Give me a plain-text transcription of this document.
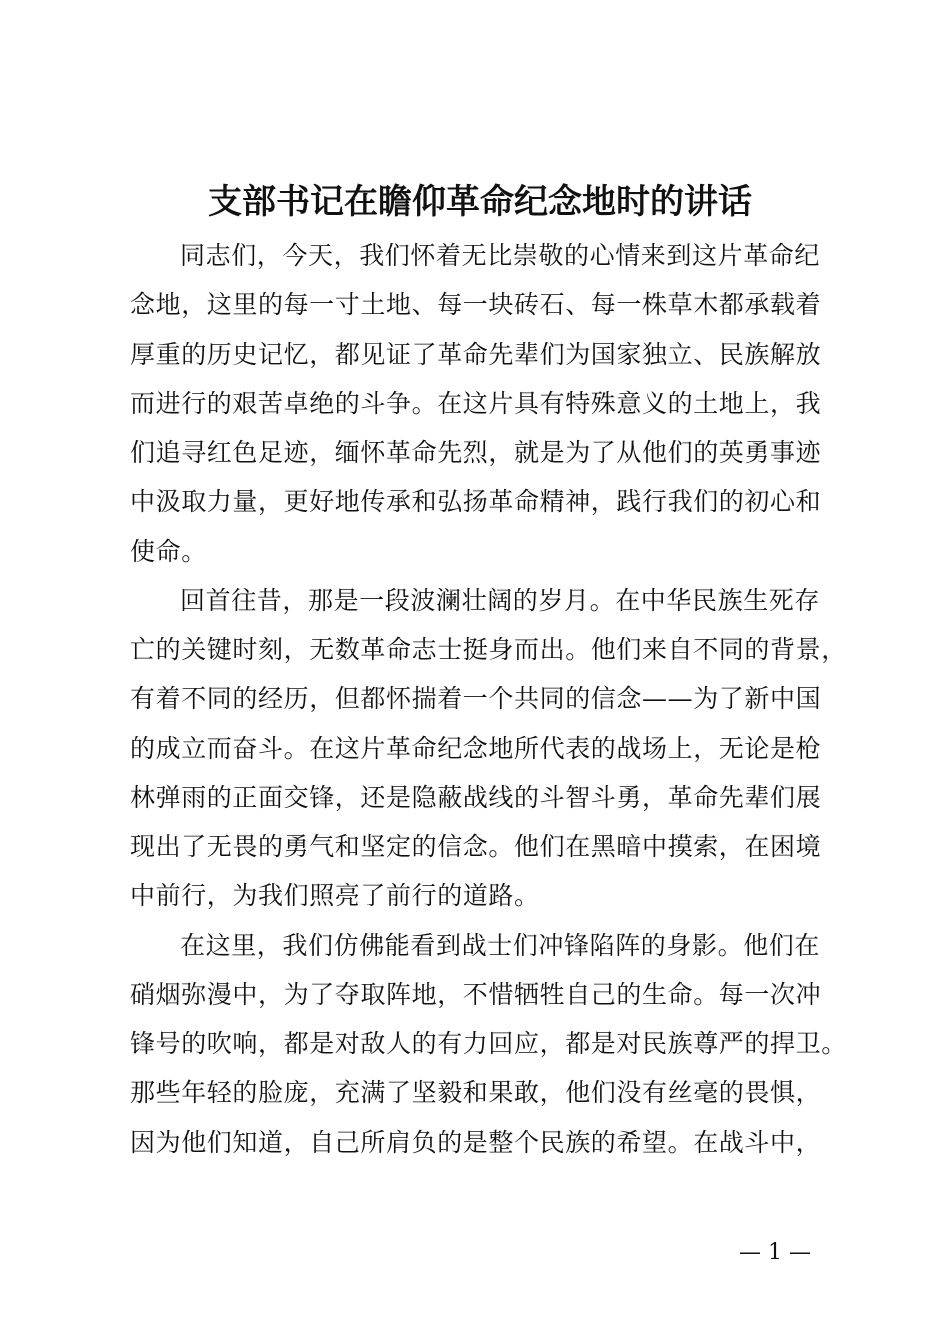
支部书记在瞻仰革命纪念地时的讲话
同志们，今天，我们怀着无比崇敬的心情来到这片革命纪
念地，这里的每一寸土地、每一块砖石、每一株草木都承载着
厚重的历史记忆，都见证了革命先辈们为国家独立、民族解放
而进行的艰苦卓绝的斗争。在这片具有特殊意义的土地上，我
们追寻红色足迹，缅怀革命先烈，就是为了从他们的英勇事迹
中汲取力量，更好地传承和弘扬革命精神，践行我们的初心和
使命。
回首往昔，那是一段波澜壮阔的岁月。在中华民族生死存
亡的关键时刻，无数革命志士挺身而出。他们来自不同的背景，
有着不同的经历，但都怀揣着一个共同的信念——为了新中国
的成立而奋斗。在这片革命纪念地所代表的战场上，无论是枪
林弹雨的正面交锋，还是隐蔽战线的斗智斗勇，革命先辈们展
现出了无畏的勇气和坚定的信念。他们在黑暗中摸索，在困境
中前行，为我们照亮了前行的道路。
在这里，我们仿佛能看到战士们冲锋陷阵的身影。他们在
硝烟弥漫中，为了夺取阵地，不惜牺牲自己的生命。每一次冲
锋号的吹响，都是对敌人的有力回应，都是对民族尊严的捍卫。
那些年轻的脸庞，充满了坚毅和果敢，他们没有丝毫的畏惧，
因为他们知道，自己所肩负的是整个民族的希望。在战斗中，
— 1 —
